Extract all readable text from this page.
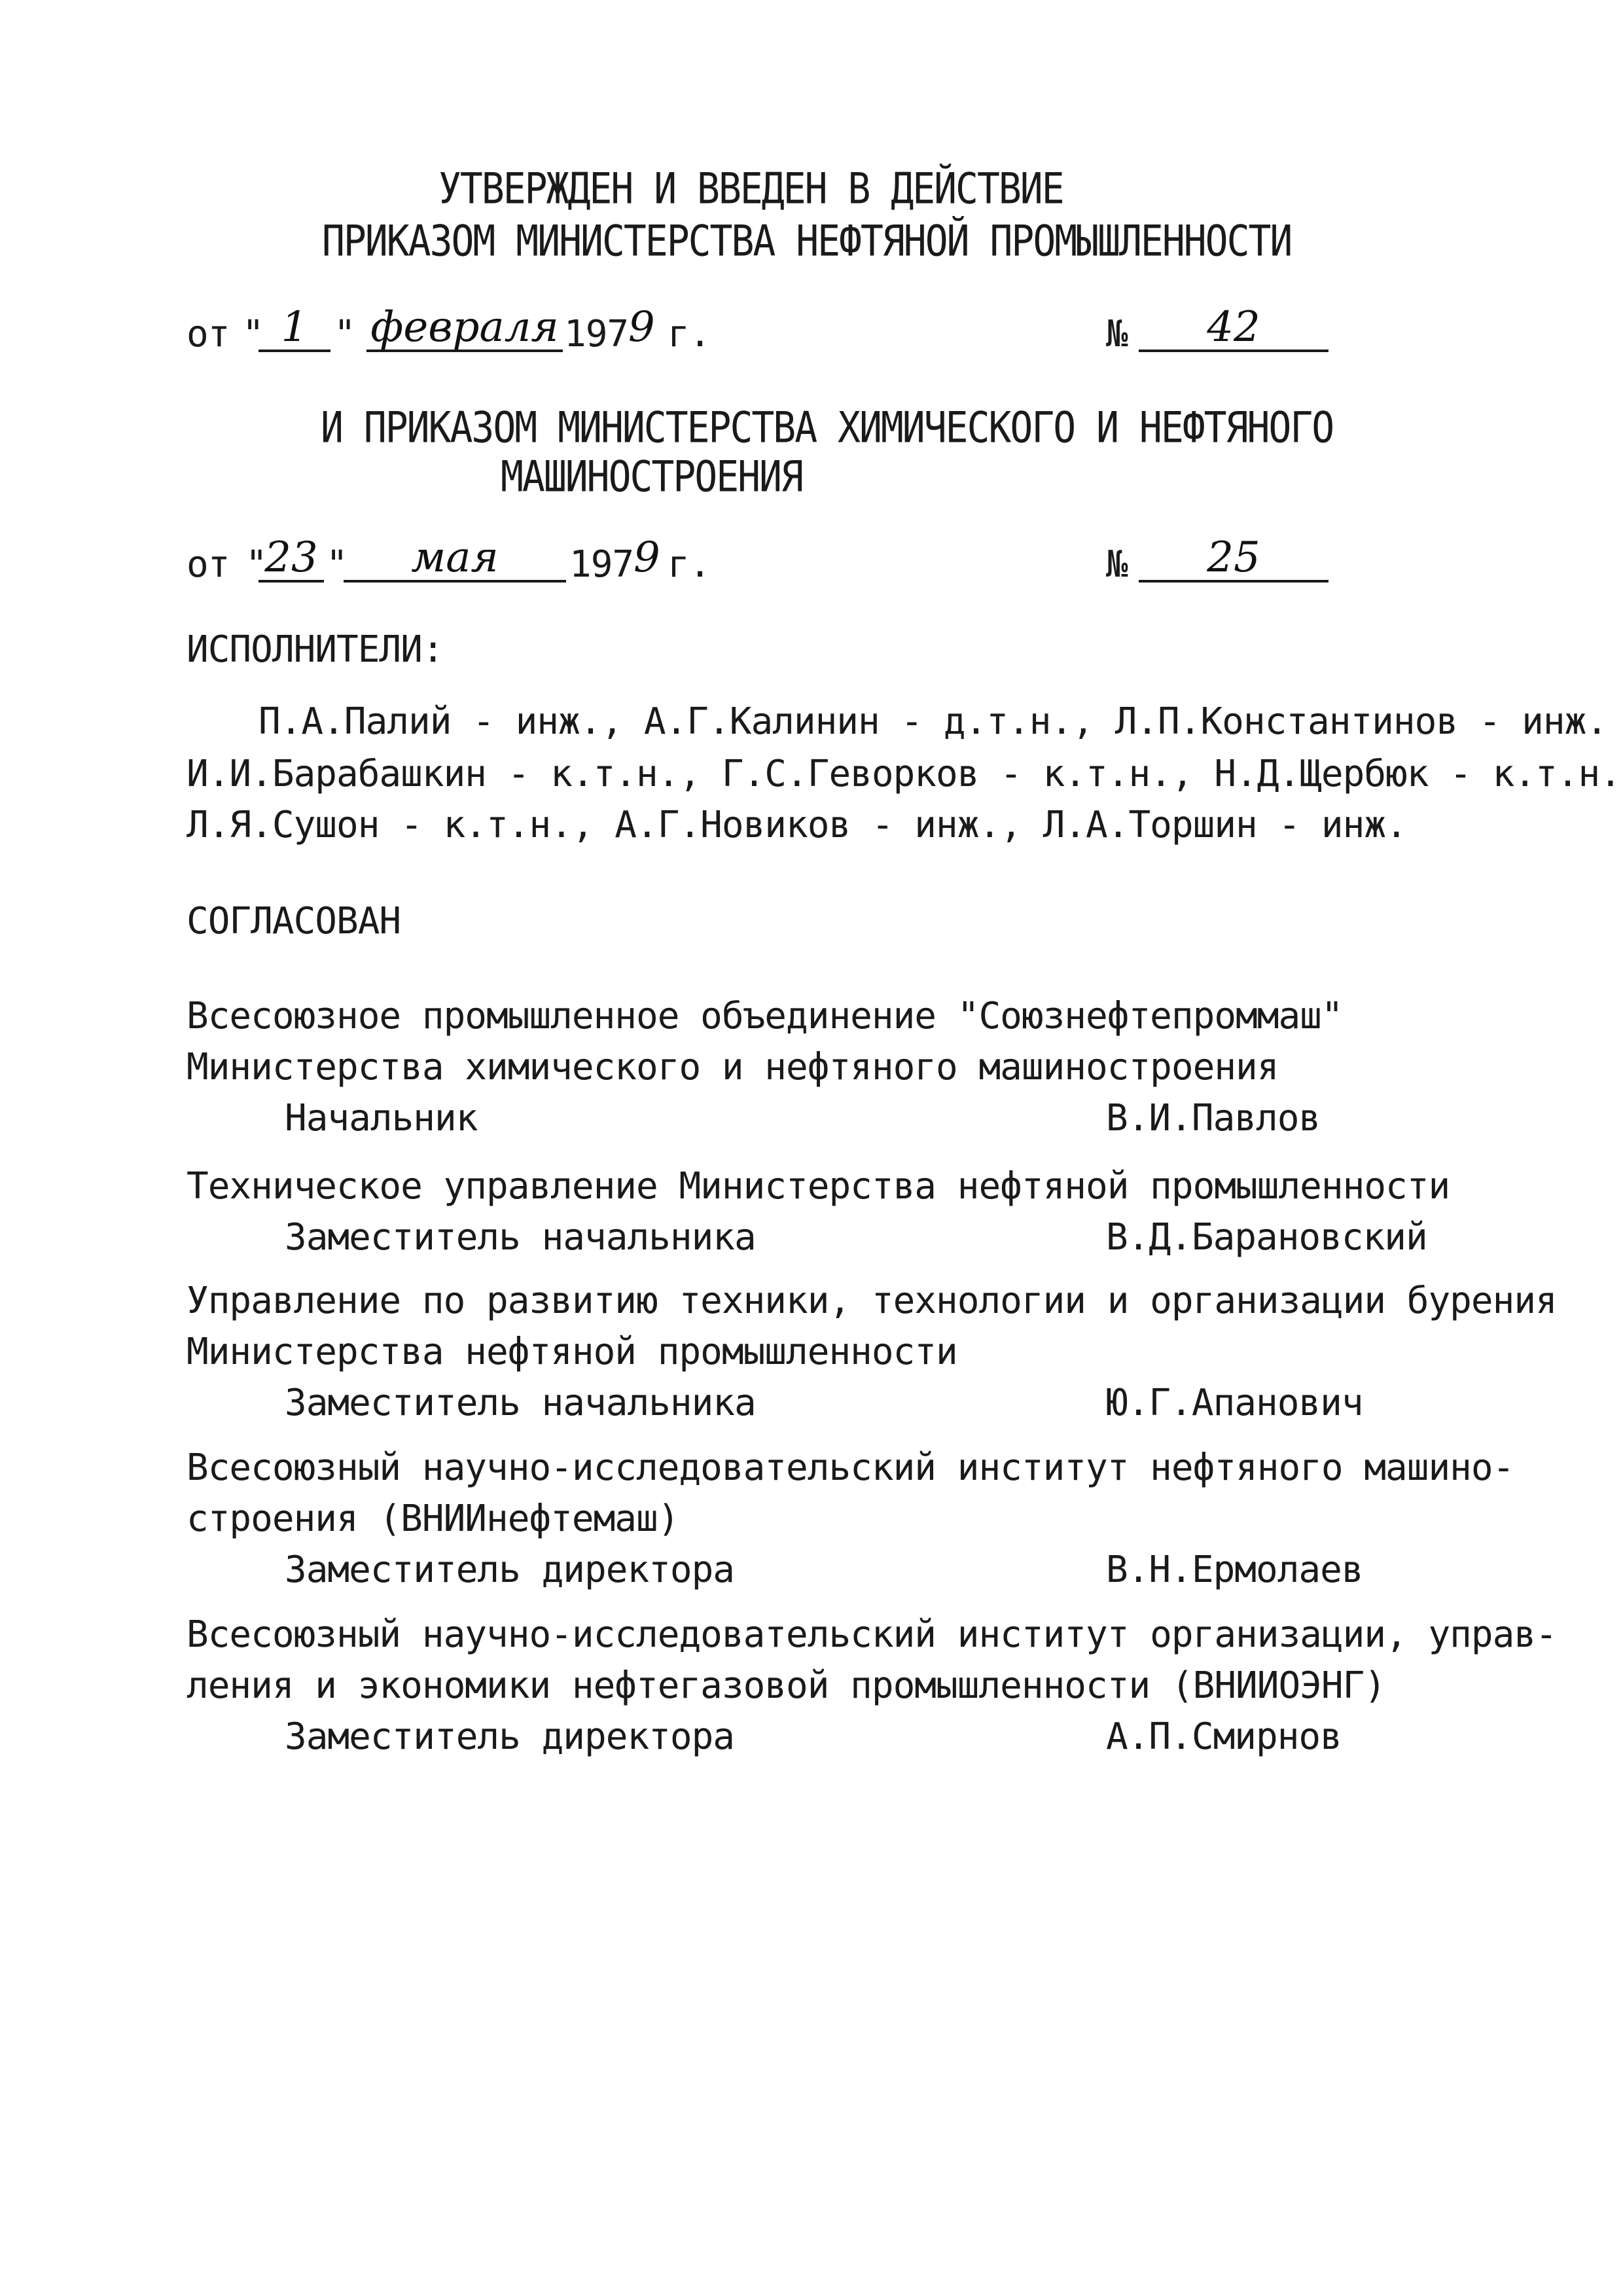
УТВЕРЖДЕН И ВВЕДЕН В ДЕЙСТВИЕ
ПРИКАЗОМ МИНИСТЕРСТВА НЕФТЯНОЙ ПРОМЫШЛЕННОСТИ
от " 1 " февраля 197 9 г.	№	42
И ПРИКАЗОМ МИНИСТЕРСТВА ХИМИЧЕСКОГО И НЕФТЯНОГО
МАШИНОСТРОЕНИЯ
от "
23 "	мая	197 9 г.	№	25
ИСПОЛНИТЕЛИ:
П.А.Палий - инж., А.Г.Калинин - д.т.н., Л.П.Константинов - инж.
И.И.Барабашкин - к.т.н., Г.С.Геворков - к.т.н., Н.Д.Щербюк - к.т.н.
Л.Я.Сушон - к.т.н., А.Г.Новиков - инж., Л.А.Торшин - инж.
СОГЛАСОВАН
Всесоюзное промышленное объединение "Союзнефтепроммаш"
Министерства химического и нефтяного машиностроения
Начальник	В.И.Павлов
Техническое управление Министерства нефтяной промышленности
Заместитель начальника	В.Д.Барановский
Управление по развитию техники, технологии и организации бурения
Министерства нефтяной промышленности
Заместитель начальника	Ю.Г.Апанович
Всесоюзный научно-исследовательский институт нефтяного машино-
строения (ВНИИнефтемаш)
Заместитель директора	В.Н.Ермолаев
Всесоюзный научно-исследовательский институт организации, управ-
ления и экономики нефтегазовой промышленности (ВНИИОЭНГ)
Заместитель директора	А.П.Смирнов
